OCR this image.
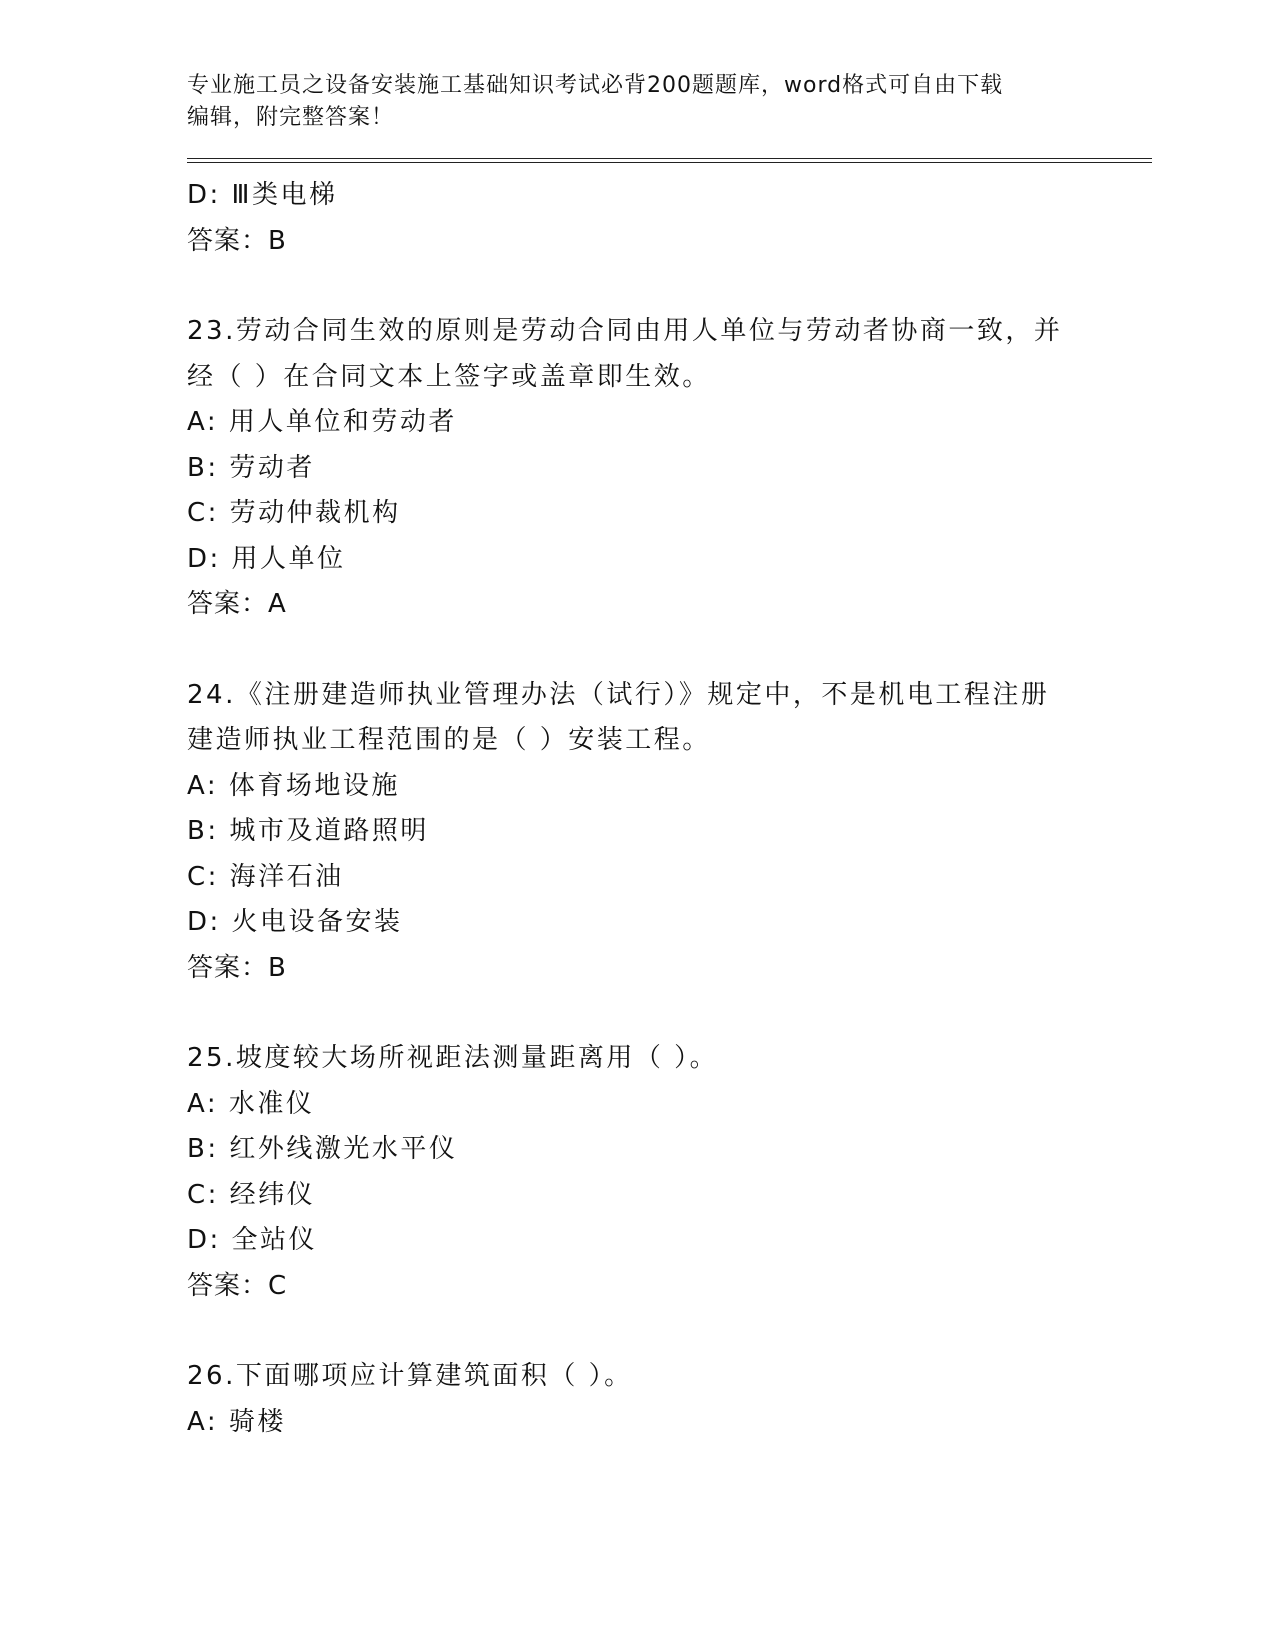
专业施工员之设备安装施工基础知识考试必背200题题库，word格式可自由下载
编辑，附完整答案！
D: Ⅲ类电梯
答案：B
23.劳动合同生效的原则是劳动合同由用人单位与劳动者协商一致，并
经（ ）在合同文本上签字或盖章即生效。
A: 用人单位和劳动者
B: 劳动者
C: 劳动仲裁机构
D: 用人单位
答案：A
24.《注册建造师执业管理办法（试行）》规定中，不是机电工程注册
建造师执业工程范围的是（ ）安装工程。
A: 体育场地设施
B: 城市及道路照明
C: 海洋石油
D: 火电设备安装
答案：B
25.坡度较大场所视距法测量距离用（ ）。
A: 水准仪
B: 红外线激光水平仪
C: 经纬仪
D: 全站仪
答案：C
26.下面哪项应计算建筑面积（ ）。
A: 骑楼
